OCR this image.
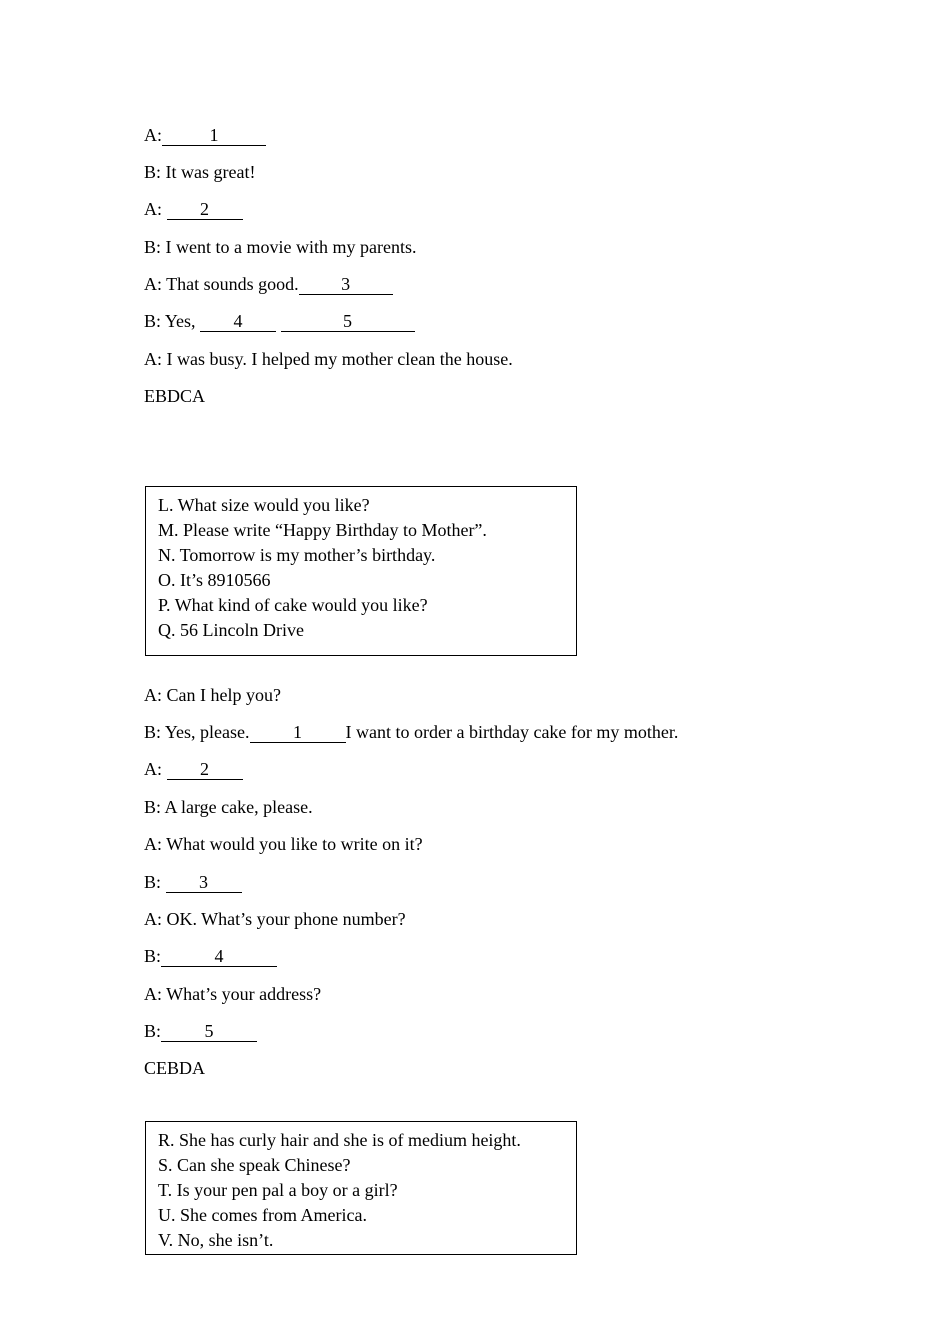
A:	1
B: It was great!
A: 2
B: I went to a movie with my parents.
A: That sounds good. 3
B: Yes, 4	5
A: I was busy. I helped my mother clean the house.
EBDCA
L. What size would you like?
M. Please write “Happy Birthday to Mother”.
N. Tomorrow is my mother’s birthday.
O. It’s 8910566
P. What kind of cake would you like?
Q. 56 Lincoln Drive
A: Can I help you?
B: Yes, please. 1 I want to order a birthday cake for my mother.
A: 2
B: A large cake, please.
A: What would you like to write on it?
B: 3
A: OK. What’s your phone number?
B:	4
A: What’s your address?
B: 5
CEBDA
R. She has curly hair and she is of medium height.
S. Can she speak Chinese?
T. Is your pen pal a boy or a girl?
U. She comes from America.
V. No, she isn’t.
